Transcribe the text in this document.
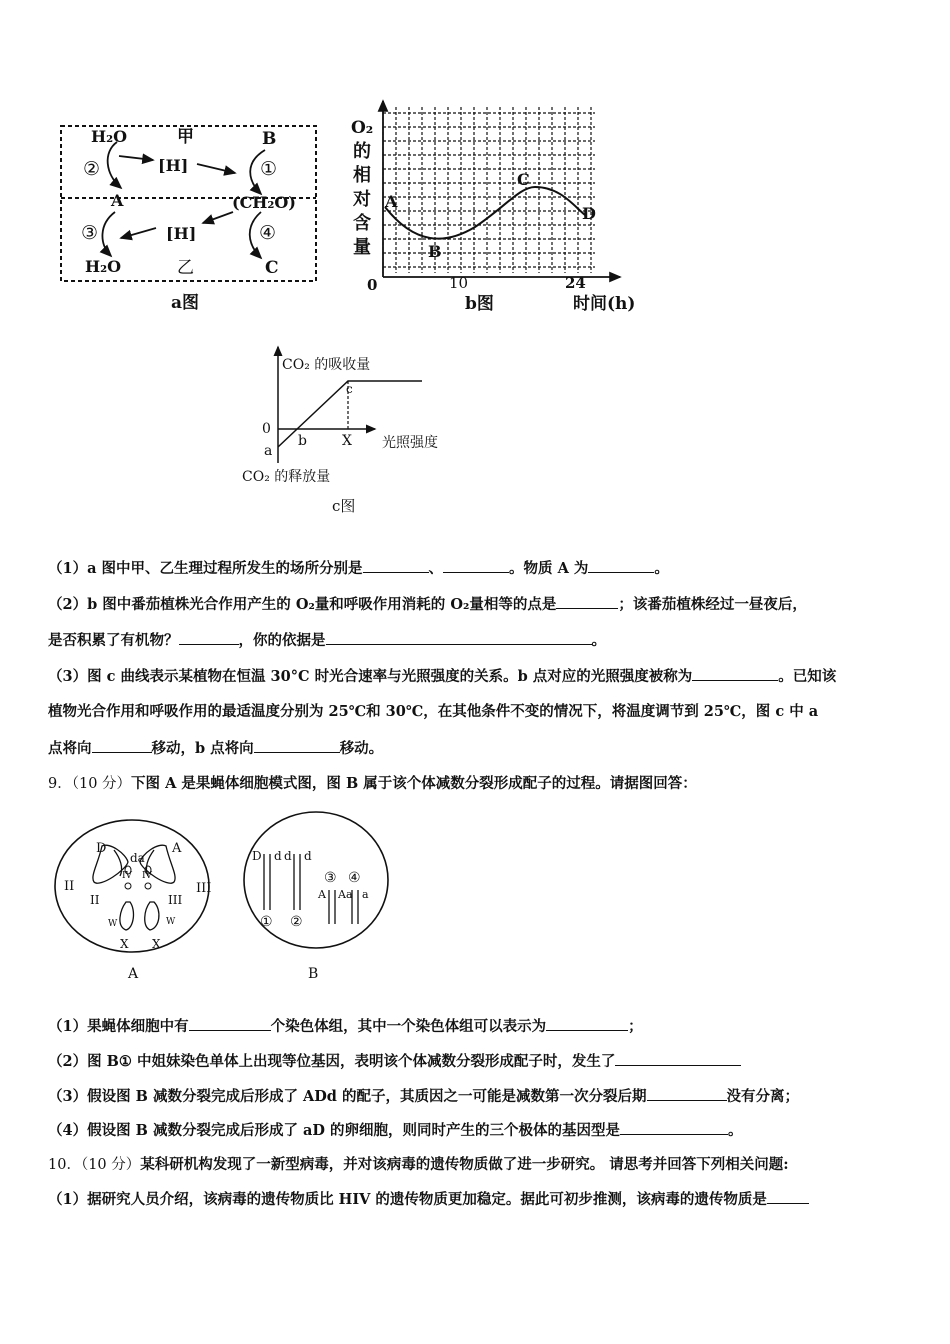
H₂O	甲	B
②	[H]	①
A	(CH₂O)
③	[H]	④
H₂O	乙	C
a图
O₂
的
相
对
含
量
A
B
C
D
0	10	24
b图	时间(h)
CO₂ 的吸收量
c
0
a
b	X 光照强度
CO₂ 的释放量
c图
（1）a 图中甲、乙生理过程所发生的场所分别是	、	。物质 A 为	。
（2）b 图中番茄植株光合作用产生的 O₂量和呼吸作用消耗的 O₂量相等的点是	；该番茄植株经过一昼夜后，
是否积累了有机物？	，你的依据是	。
（3）图 c 曲线表示某植物在恒温 30°C 时光合速率与光照强度的关系。b 点对应的光照强度被称为	。已知该
植物光合作用和呼吸作用的最适温度分别为 25℃和 30℃，在其他条件不变的情况下，将温度调节到 25℃，图 c 中 a
点将向	移动，b 点将向	移动。
9．（10 分）下图 A 是果蝇体细胞模式图，图 B 属于该个体减数分裂形成配子的过程。请据图回答：
D
da
A
II
IV IV
II	III
III
W	W
X X
A
D d d d
③ ④
A Aa a
① ②
B
（1）果蝇体细胞中有	个染色体组，其中一个染色体组可以表示为	；
（2）图 B① 中姐妹染色单体上出现等位基因，表明该个体减数分裂形成配子时，发生了
（3）假设图 B 减数分裂完成后形成了 ADd 的配子，其质因之一可能是减数第一次分裂后期	没有分离；
（4）假设图 B 减数分裂完成后形成了 aD 的卵细胞，则同时产生的三个极体的基因型是	。
10．（10 分）某科研机构发现了一新型病毒，并对该病毒的遗传物质做了进一步研究。 请思考并回答下列相关问题:
（1）据研究人员介绍，该病毒的遗传物质比 HIV 的遗传物质更加稳定。据此可初步推测，该病毒的遗传物质是
